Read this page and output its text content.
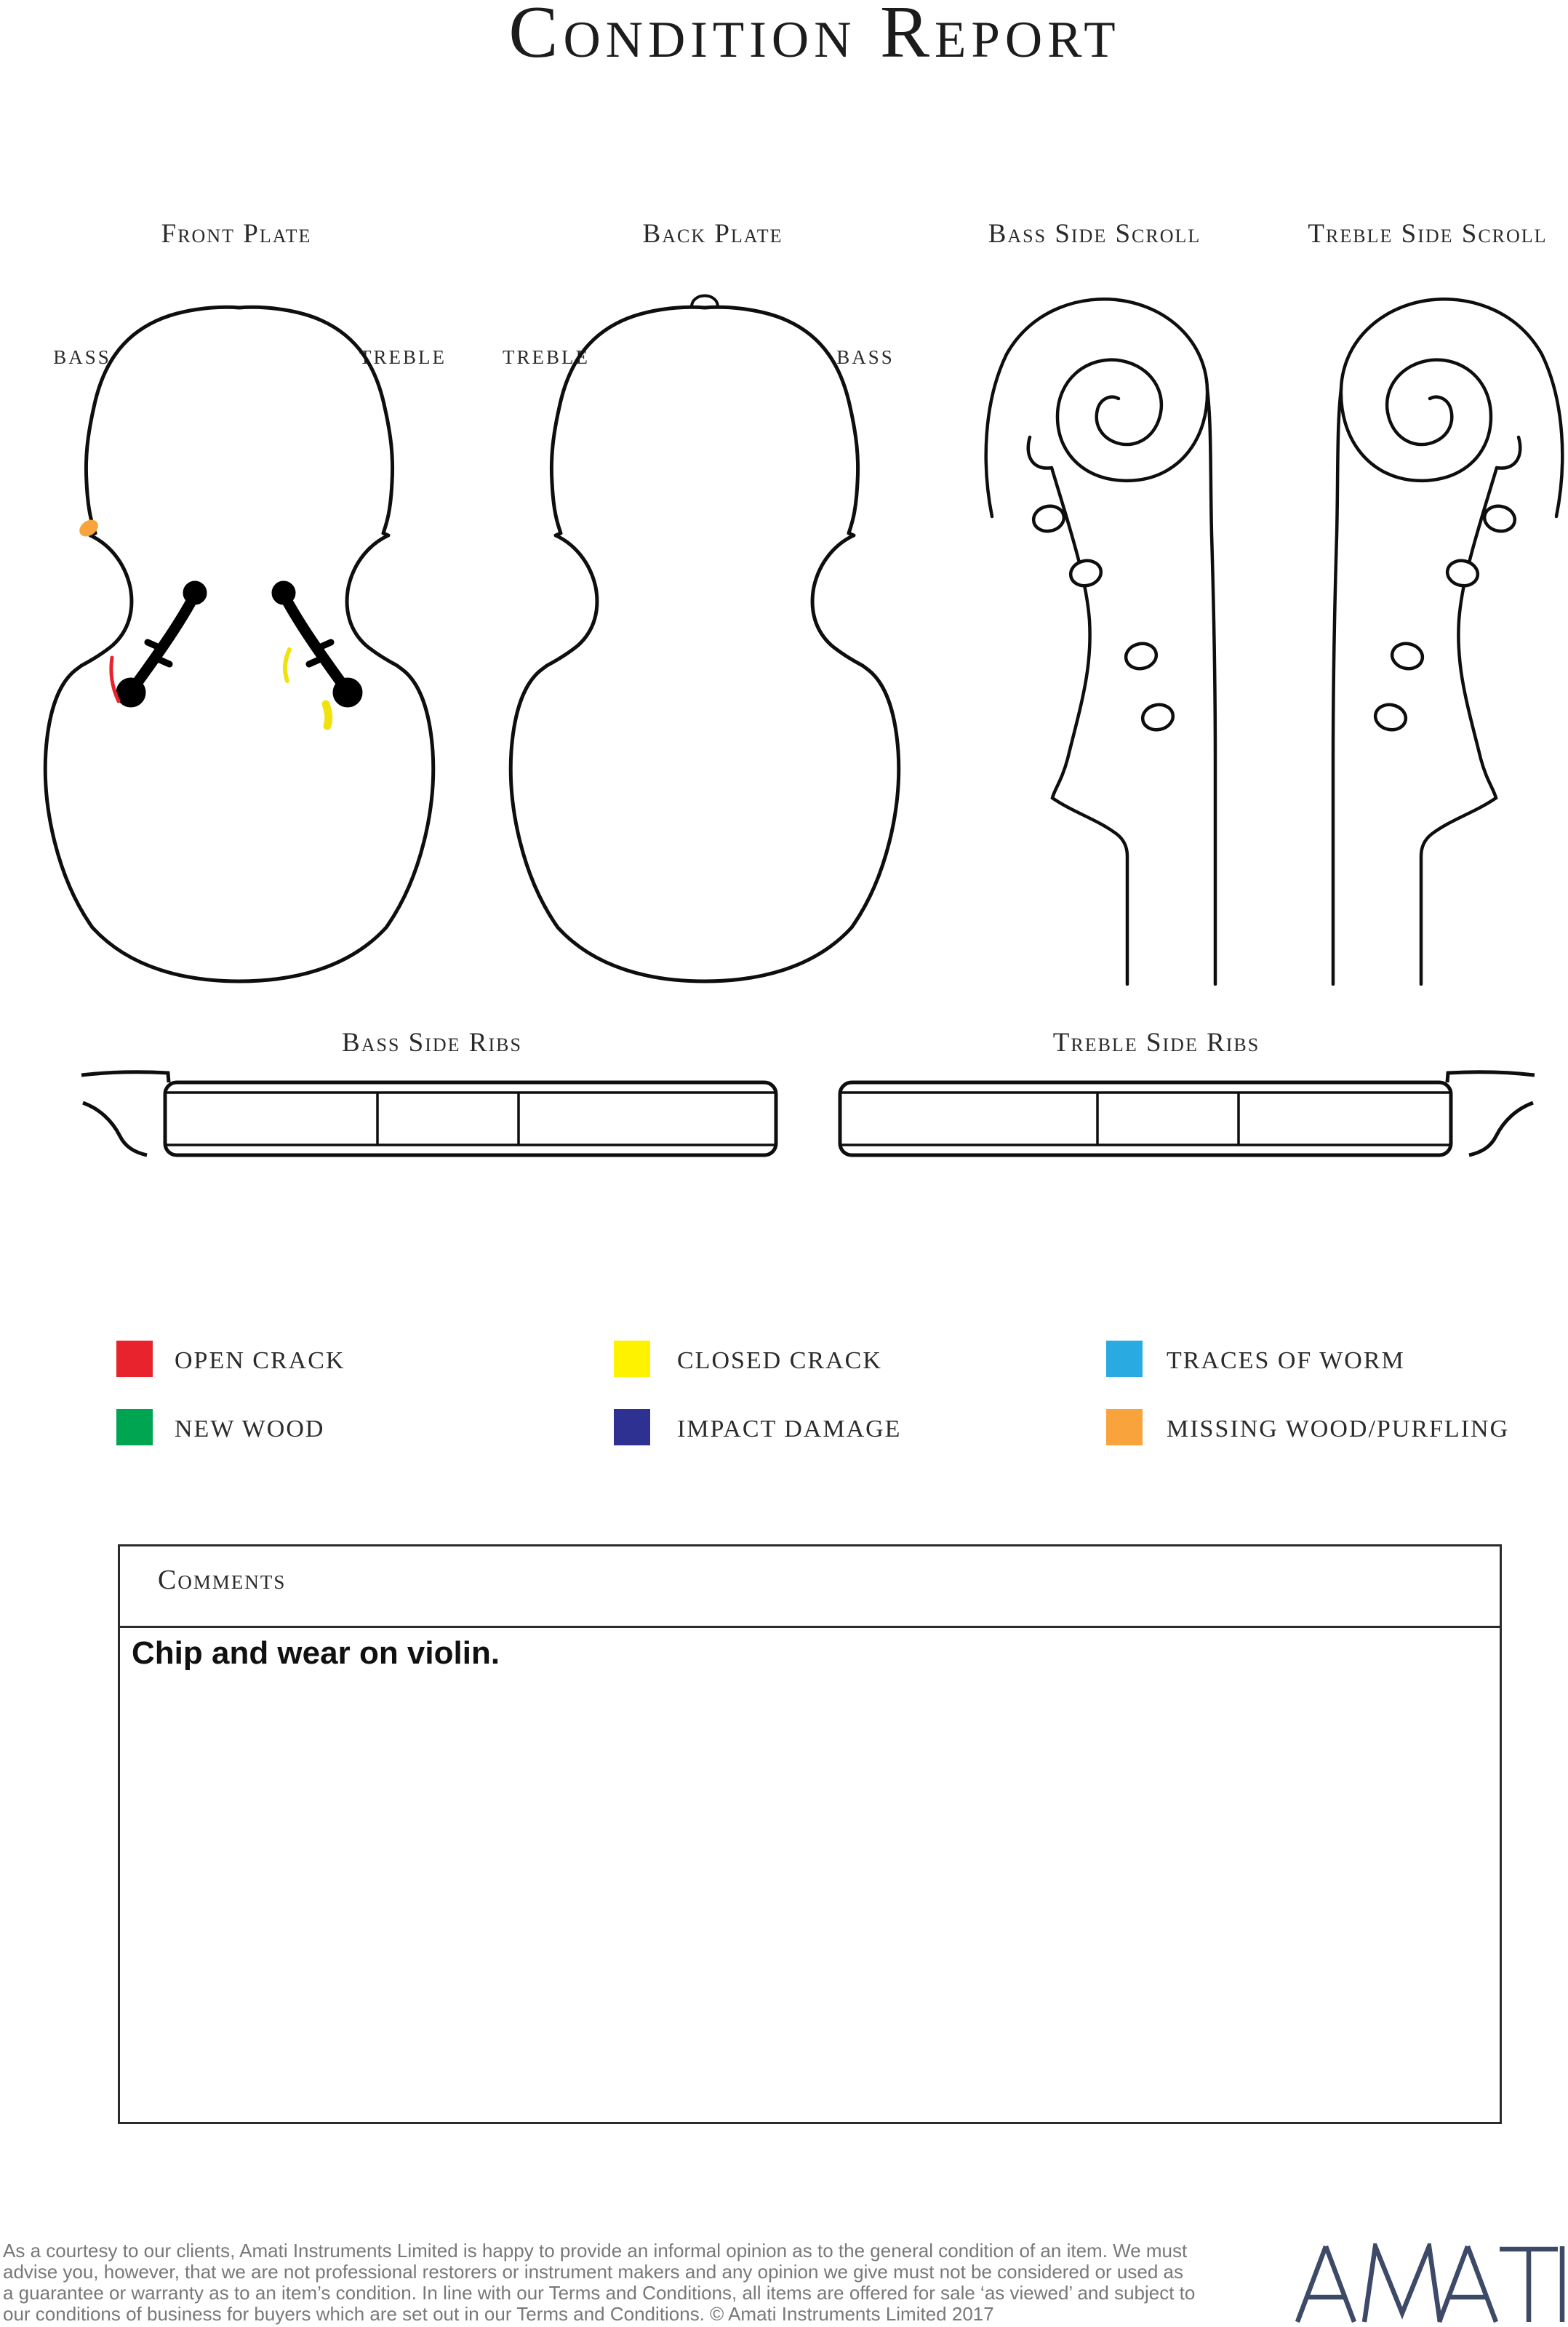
Condition Report
Front Plate	Back Plate	Bass Side Scroll	Treble Side Scroll
Bass Side Ribs	Treble Side Ribs
BASS	TREBLE	TREBLE	BASS
OPEN CRACK	CLOSED CRACK	TRACES OF WORM
NEW WOOD	IMPACT DAMAGE	MISSING WOOD/PURFLING
Comments
Chip and wear on violin.
As a courtesy to our clients, Amati Instruments Limited is happy to provide an informal opinion as to the general condition of an item. We must
advise you, however, that we are not professional restorers or instrument makers and any opinion we give must not be considered or used as
a guarantee or warranty as to an item’s condition. In line with our Terms and Conditions, all items are offered for sale ‘as viewed’ and subject to
our conditions of business for buyers which are set out in our Terms and Conditions. © Amati Instruments Limited 2017
